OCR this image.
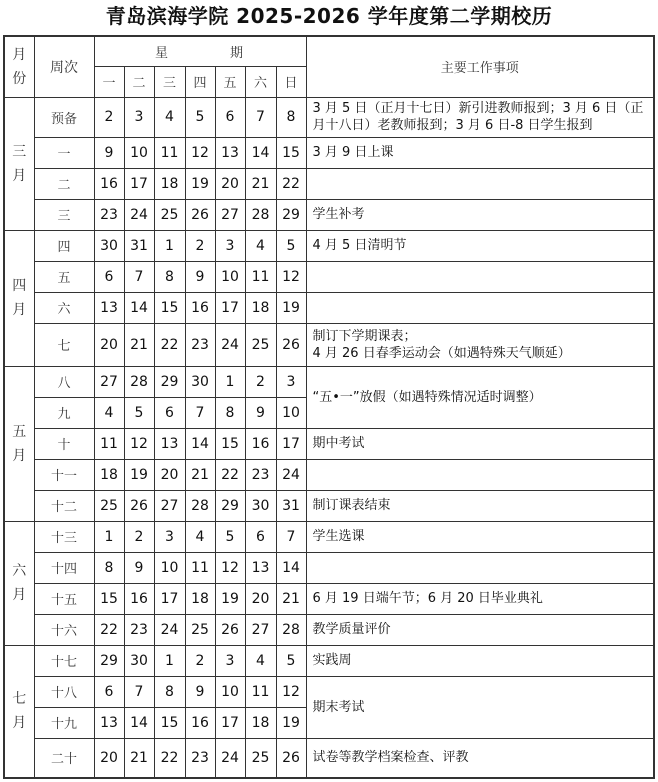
青岛滨海学院 2025-2026 学年度第二学期校历
月
份	周次	星    期							主要工作事项
		一	二	三	四	五	六	日	

三
月	预备	2	3	4	5	6	7	8	3 月 5 日（正月十七日）新引进教师报到；3 月 6 日（正
月十八日）老教师报到；3 月 6 日-8 日学生报到

	一	9	10	11	12	13	14	15	3 月 9 日上课

	二	16	17	18	19	20	21	22	

	三	23	24	25	26	27	28	29	学生补考

四
月	四	30	31	1	2	3	4	5	4 月 5 日清明节

	五	6	7	8	9	10	11	12	

	六	13	14	15	16	17	18	19	

	七	20	21	22	23	24	25	26	制订下学期课表；
4 月 26 日春季运动会（如遇特殊天气顺延）

五
月	八	27	28	29	30	1	2	3	“五•一”放假（如遇特殊情况适时调整）

	九	4	5	6	7	8	9	10	
	十	11	12	13	14	15	16	17	期中考试

	十一	18	19	20	21	22	23	24	

	十二	25	26	27	28	29	30	31	制订课表结束

六
月	十三	1	2	3	4	5	6	7	学生选课

	十四	8	9	10	11	12	13	14	

	十五	15	16	17	18	19	20	21	6 月 19 日端午节；6 月 20 日毕业典礼

	十六	22	23	24	25	26	27	28	教学质量评价

七
月	十七	29	30	1	2	3	4	5	实践周

	十八	6	7	8	9	10	11	12	期末考试

	十九	13	14	15	16	17	18	19	
	二十	20	21	22	23	24	25	26	试卷等教学档案检查、评教
